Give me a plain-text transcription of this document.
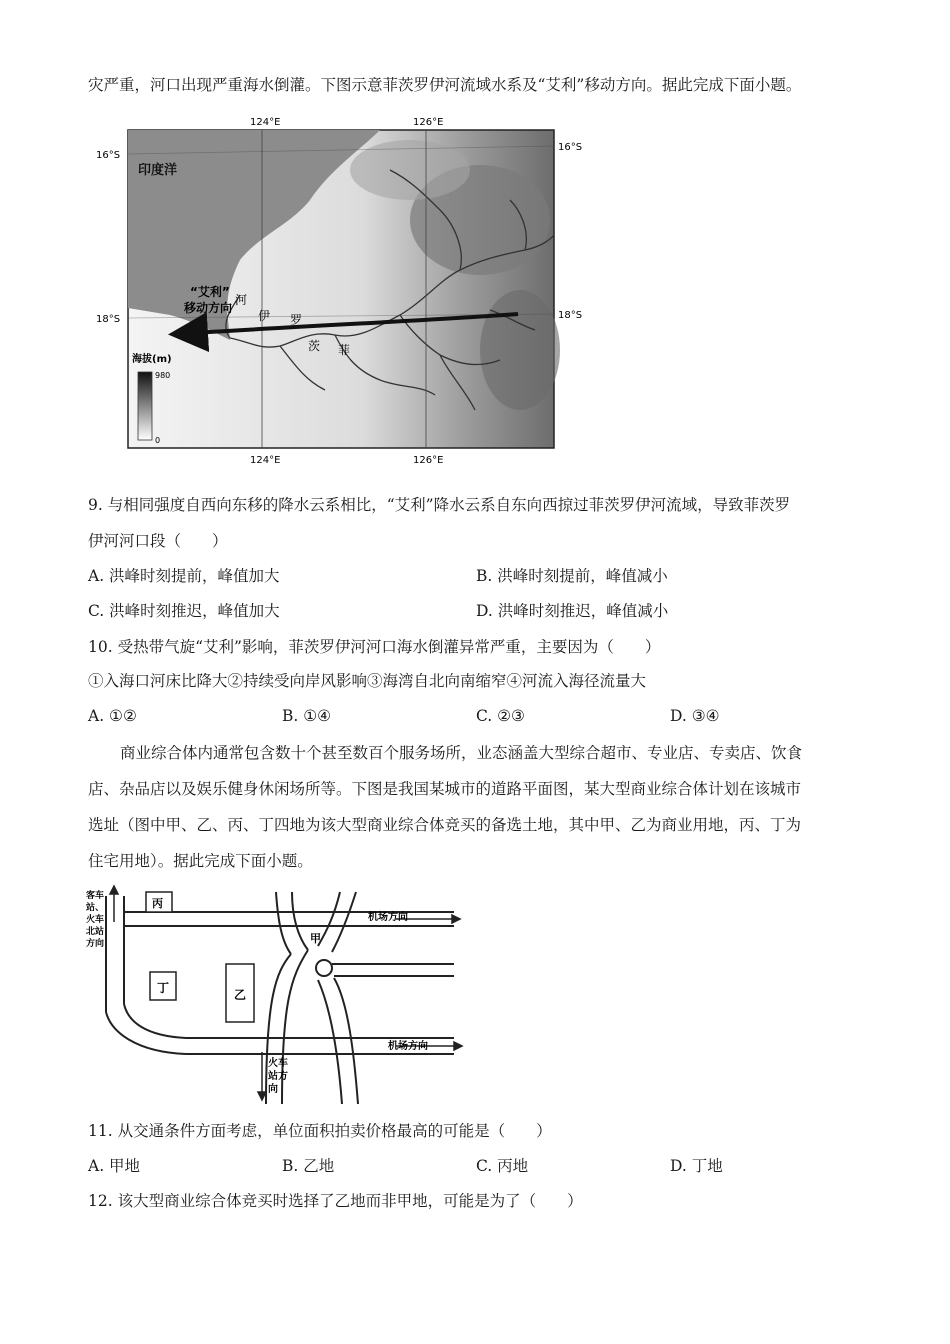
灾严重，河口出现严重海水倒灌。下图示意菲茨罗伊河流域水系及“艾利”移动方向。据此完成下面小题。
124°E	126°E
124°E	126°E
16°S
18°S
16°S
18°S
印度洋
“艾利”
移动方向
河
伊 罗
茨 菲
海拔(m)
980
0
9. 与相同强度自西向东移的降水云系相比，“艾利”降水云系自东向西掠过菲茨罗伊河流域，导致菲茨罗
伊河河口段（　　）
A. 洪峰时刻提前，峰值加大	B. 洪峰时刻提前，峰值减小
C. 洪峰时刻推迟，峰值加大	D. 洪峰时刻推迟，峰值减小
10. 受热带气旋“艾利”影响，菲茨罗伊河河口海水倒灌异常严重，主要因为（　　）
①入海口河床比降大②持续受向岸风影响③海湾自北向南缩窄④河流入海径流量大
A. ①②	B. ①④	C. ②③	D. ③④
商业综合体内通常包含数十个甚至数百个服务场所，业态涵盖大型综合超市、专业店、专卖店、饮食
店、杂品店以及娱乐健身休闲场所等。下图是我国某城市的道路平面图，某大型商业综合体计划在该城市
选址（图中甲、乙、丙、丁四地为该大型商业综合体竞买的备选土地，其中甲、乙为商业用地，丙、丁为
住宅用地）。据此完成下面小题。
丙
丁	乙
甲
客车
站、
火车
北站
方向
机场方向
机场方向
火车
站方
向
11. 从交通条件方面考虑，单位面积拍卖价格最高的可能是（　　）
A. 甲地	B. 乙地	C. 丙地	D. 丁地
12. 该大型商业综合体竞买时选择了乙地而非甲地，可能是为了（　　）
